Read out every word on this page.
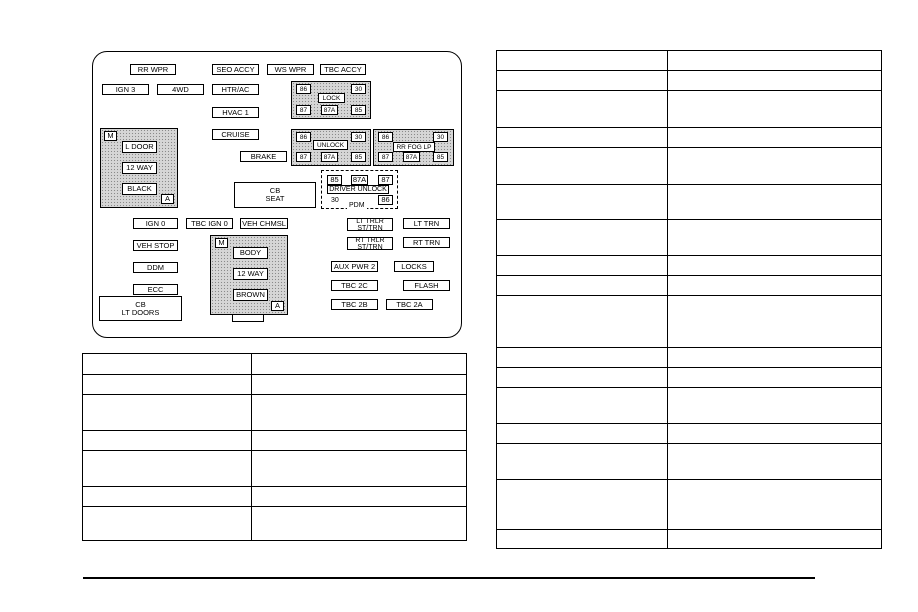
RR WPR	SEO ACCY	WS WPR	TBC ACCY
IGN 3	4WD	HTR/AC
HVAC 1
CRUISE
BRAKE
86	30
LOCK
87	87A	85
86	30
UNLOCK
87	87A	85
86	30
RR FOG LP
87	87A	85
M
L DOOR
12 WAY
BLACK
A
CB
SEAT
85	87A	87
DRIVER UNLOCK
30
PDM
86
IGN 0	TBC IGN 0	VEH CHMSL
VEH STOP
DDM
ECC
CB
LT DOORS
LT TRLR
ST/TRN
LT TRN
RT TRLR
ST/TRN
RT TRN
AUX PWR 2	LOCKS
TBC 2C	FLASH
TBC 2B	TBC 2A
M
BODY
12 WAY
BROWN
A
